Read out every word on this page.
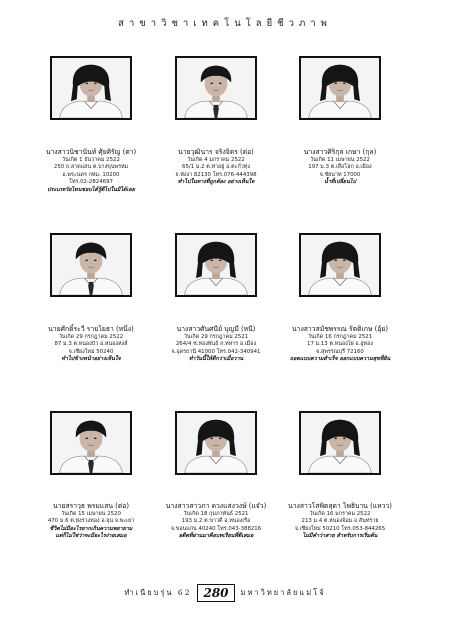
สาขาวิชาเทคโนโลยีชีวภาพ
นางสาวนิชานันท์ ศุ้ยศิรัญ (ตา)
วันเกิด 1 ธันวาคม 2522
250 ถ.ลาดแสน ต.บางขุนพรหม
อ.พระนคร กทม. 10200
โทร.02-2824697
ประเภทวัยไหนชอบได้รู้ดีไปในมิได้เลย
นายวุฒินาร จริงจิตร (ต่อ)
วันเกิด 4 มกราคม 2522
65/1 ม.2 ต.ท่าอยู่ อ.ตะกั่วทุ่ง
จ.พังงา 82130 โทร.076-444398
ทำไปในทางที่ถูกต้อง อย่างเห็นใจ
นางสาวศิริกุล เกษา (กุล)
วันเกิด 11 เมษายน 2522
197 ม.3 ต.เสือโฮก อ.เมือง
จ.ชัยนาท 17000
น้ำที่เปลี่ยนไป
นายศักดิ์ระวี รายโยธา (หนึ่ง)
วันเกิด 29 กรกฎาคม 2522
87 ม.3 ต.หนองบัว อ.หนองหงส์
จ.เชียงใหม่ 50240
ทำไปข้างหน้าอย่างเห็นใจ
นางสาวศันศนีย์ บุญมี (หนี)
วันเกิด 29 กรกฎาคม 2521
264/4 ซ.ทองพันธ์ ถ.ทหาร อ.เมือง
จ.อุดรธานี 41000 โทร.042-340941
ทำวันนี้ให้ดีกว่าเมื่อวาน
นางสาวสมัชพรรณ รัตติเกษ (อุ้ย)
วันเกิด 16 กรกฎาคม 2521
17 ม.13 ต.หนองไผ่ อ.อู่ทอง
จ.สุพรรณบุรี 72160
ถอดแบบความสำเร็จ ออกแบบความสุขที่ฝัน
นายสราวุธ พรมแสน (ต่อ)
วันเกิด 15 เมษายน 2520
470 ม.6 ต.ทุ่งรวงทอง อ.จุน จ.พะเยา
ชีวิตไม่มีอะไรยากเกินความพยายาม
แต่ก็ไม่ใช่ว่าจะมีอะไรง่ายเสมอ
นางสาวสาวภา ดวงแสงวงษ์ (แจ๋ว)
วันเกิด 18 กุมภาพันธ์ 2521
193 ม.2 ต.ขาวดี อ.หนองเรือ
จ.ขอนแก่น 40240 โทร.043-388216
อดีตที่ผ่านมาคือบทเรียนที่ดีเสมอ
นางสาวโสพิตสุดา โพธิบาน (แหวว)
วันเกิด 16 มกราคม 2522
213 ม.4 ต.หนองจ้อม อ.สันทราย
จ.เชียงใหม่ 50210 โทร.053-844265
ไม่มีคำว่าสาย สำหรับการเริ่มต้น
ทำเนียบรุ่น 62	280	มหาวิทยาลัยแม่โจ้
